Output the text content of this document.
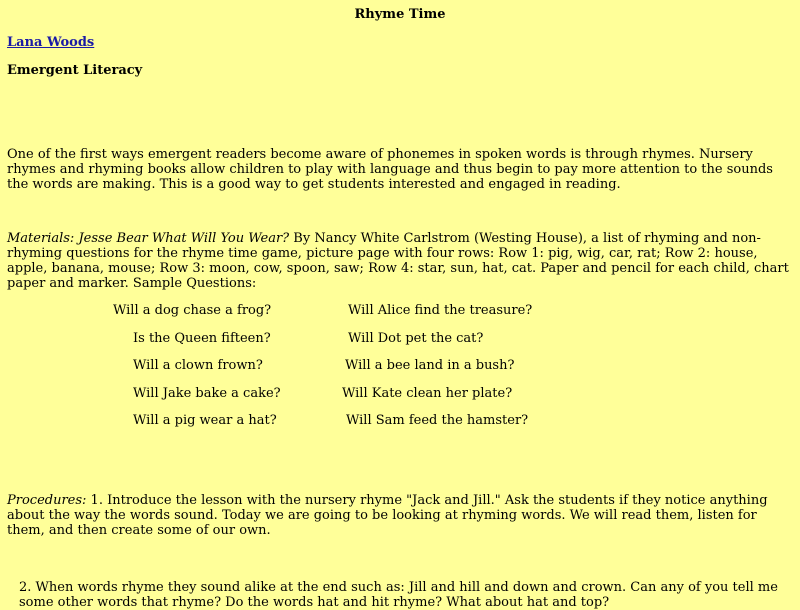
Rhyme Time
Lana Woods
Emergent Literacy
One of the first ways emergent readers become aware of phonemes in spoken words is through rhymes. Nursery rhymes and rhyming books allow children to play with language and thus begin to pay more attention to the sounds the words are making. This is a good way to get students interested and engaged in reading.
Materials: Jesse Bear What Will You Wear? By Nancy White Carlstrom (Westing House), a list of rhyming and non-rhyming questions for the rhyme time game, picture page with four rows: Row 1: pig, wig, car, rat; Row 2: house, apple, banana, mouse; Row 3: moon, cow, spoon, saw; Row 4: star, sun, hat, cat. Paper and pencil for each child, chart paper and marker. Sample Questions:
Will a dog chase a frog?
Is the Queen fifteen?
Will a clown frown?
Will Jake bake a cake?
Will a pig wear a hat?
Will Alice find the treasure?
Will Dot pet the cat?
Will a bee land in a bush?
Will Kate clean her plate?
Will Sam feed the hamster?
Procedures: 1. Introduce the lesson with the nursery rhyme "Jack and Jill." Ask the students if they notice anything about the way the words sound. Today we are going to be looking at rhyming words. We will read them, listen for them, and then create some of our own.
2. When words rhyme they sound alike at the end such as: Jill and hill and down and crown. Can any of you tell me some other words that rhyme? Do the words hat and hit rhyme? What about hat and top?
